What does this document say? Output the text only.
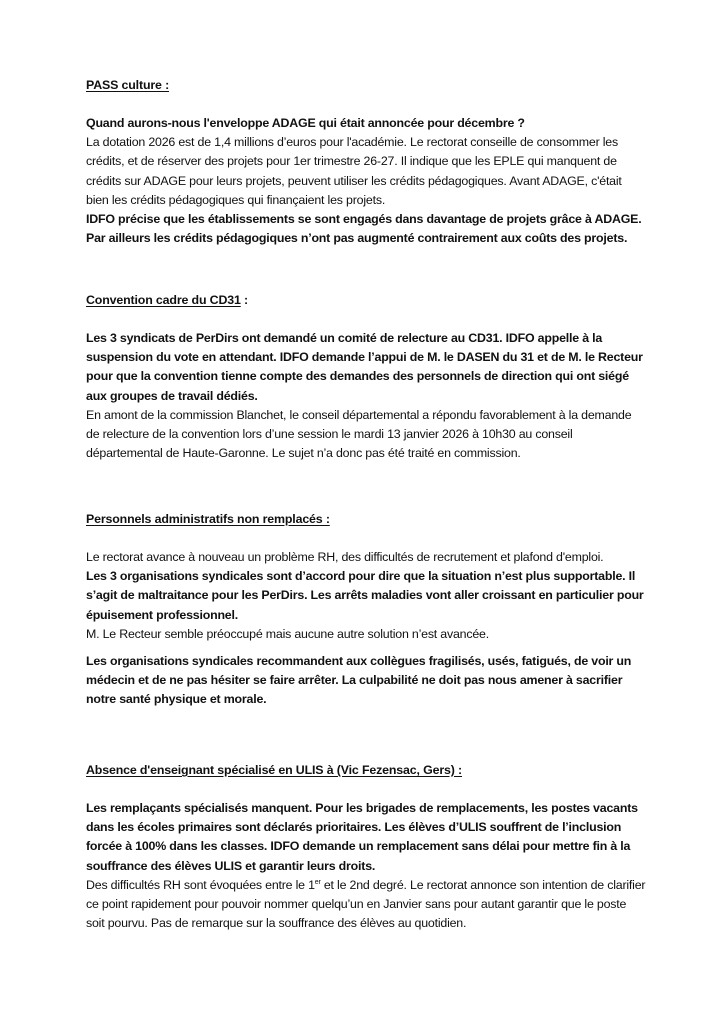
PASS culture :

Quand aurons-nous l'enveloppe ADAGE qui était annoncée pour décembre ?

La dotation 2026 est de 1,4 millions d’euros pour l'académie. Le rectorat conseille de consommer les crédits, et de réserver des projets pour 1er trimestre 26-27. Il indique que les EPLE qui manquent de crédits sur ADAGE pour leurs projets, peuvent utiliser les crédits pédagogiques. Avant ADAGE, c'était bien les crédits pédagogiques qui finançaient les projets.

IDFO précise que les établissements se sont engagés dans davantage de projets grâce à ADAGE. Par ailleurs les crédits pédagogiques n’ont pas augmenté contrairement aux coûts des projets.

Convention cadre du CD31 :

Les 3 syndicats de PerDirs ont demandé un comité de relecture au CD31. IDFO appelle à la suspension du vote en attendant. IDFO demande l’appui de M. le DASEN du 31 et de M. le Recteur pour que la convention tienne compte des demandes des personnels de direction qui ont siégé aux groupes de travail dédiés.

En amont de la commission Blanchet, le conseil départemental a répondu favorablement à la demande de relecture de la convention lors d’une session le mardi 13 janvier 2026 à 10h30 au conseil départemental de Haute-Garonne. Le sujet n’a donc pas été traité en commission.

Personnels administratifs non remplacés :

Le rectorat avance à nouveau un problème RH, des difficultés de recrutement et plafond d'emploi.

Les 3 organisations syndicales sont d’accord pour dire que la situation n’est plus supportable. Il s’agit de maltraitance pour les PerDirs. Les arrêts maladies vont aller croissant en particulier pour épuisement professionnel.

M. Le Recteur semble préoccupé mais aucune autre solution n’est avancée.

Les organisations syndicales recommandent aux collègues fragilisés, usés, fatigués, de voir un médecin et de ne pas hésiter se faire arrêter. La culpabilité ne doit pas nous amener à sacrifier notre santé physique et morale.

Absence d'enseignant spécialisé en ULIS à (Vic Fezensac, Gers) :

Les remplaçants spécialisés manquent. Pour les brigades de remplacements, les postes vacants dans les écoles primaires sont déclarés prioritaires. Les élèves d’ULIS souffrent de l’inclusion forcée à 100% dans les classes. IDFO demande un remplacement sans délai pour mettre fin à la souffrance des élèves ULIS et garantir leurs droits.

Des difficultés RH sont évoquées entre le 1er et le 2nd degré. Le rectorat annonce son intention de clarifier ce point rapidement pour pouvoir nommer quelqu’un en Janvier sans pour autant garantir que le poste soit pourvu. Pas de remarque sur la souffrance des élèves au quotidien.
